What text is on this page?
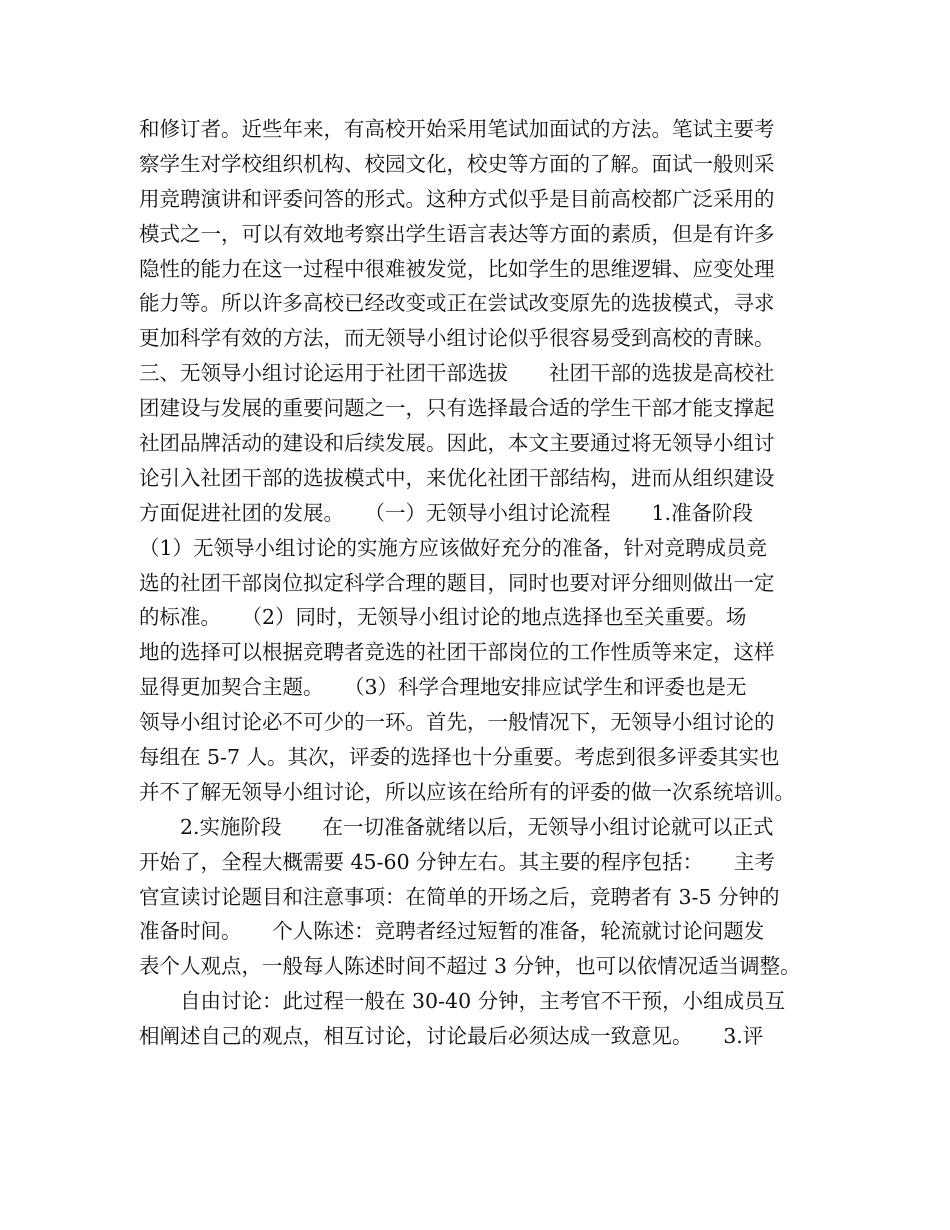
和修订者。近些年来，有高校开始采用笔试加面试的方法。笔试主要考
察学生对学校组织机构、校园文化，校史等方面的了解。面试一般则采
用竞聘演讲和评委问答的形式。这种方式似乎是目前高校都广泛采用的
模式之一，可以有效地考察出学生语言表达等方面的素质，但是有许多
隐性的能力在这一过程中很难被发觉，比如学生的思维逻辑、应变处理
能力等。所以许多高校已经改变或正在尝试改变原先的选拔模式，寻求
更加科学有效的方法，而无领导小组讨论似乎很容易受到高校的青睐。
三、无领导小组讨论运用于社团干部选拔　　社团干部的选拔是高校社
团建设与发展的重要问题之一，只有选择最合适的学生干部才能支撑起
社团品牌活动的建设和后续发展。因此，本文主要通过将无领导小组讨
论引入社团干部的选拔模式中，来优化社团干部结构，进而从组织建设
方面促进社团的发展。　　（一）无领导小组讨论流程　　1.准备阶段
（1）无领导小组讨论的实施方应该做好充分的准备，针对竞聘成员竞
选的社团干部岗位拟定科学合理的题目，同时也要对评分细则做出一定
的标准。　　（2）同时，无领导小组讨论的地点选择也至关重要。场
地的选择可以根据竞聘者竞选的社团干部岗位的工作性质等来定，这样
显得更加契合主题。　　（3）科学合理地安排应试学生和评委也是无
领导小组讨论必不可少的一环。首先，一般情况下，无领导小组讨论的
每组在 5-7 人。其次，评委的选择也十分重要。考虑到很多评委其实也
并不了解无领导小组讨论，所以应该在给所有的评委的做一次系统培训。
　　2.实施阶段　　在一切准备就绪以后，无领导小组讨论就可以正式
开始了，全程大概需要 45-60 分钟左右。其主要的程序包括：　　主考
官宣读讨论题目和注意事项：在简单的开场之后，竞聘者有 3-5 分钟的
准备时间。　　个人陈述：竞聘者经过短暂的准备，轮流就讨论问题发
表个人观点，一般每人陈述时间不超过 3 分钟，也可以依情况适当调整。
　　自由讨论：此过程一般在 30-40 分钟，主考官不干预，小组成员互
相阐述自己的观点，相互讨论，讨论最后必须达成一致意见。　　3.评
